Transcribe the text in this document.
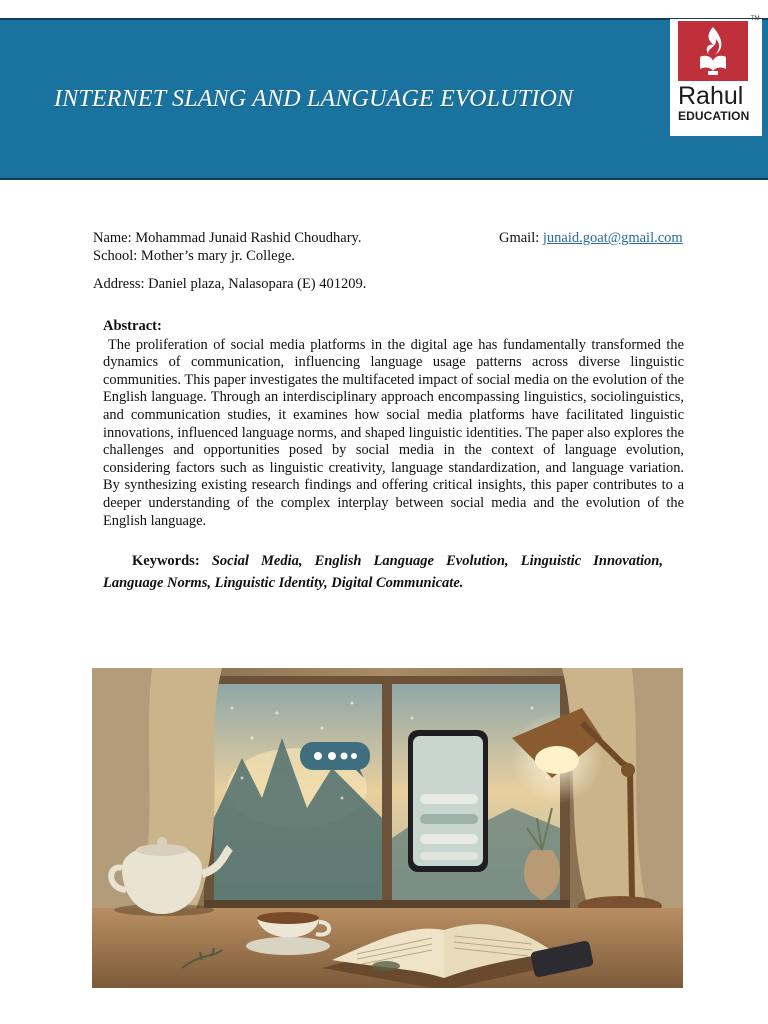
INTERNET SLANG AND LANGUAGE EVOLUTION	Rahul
EDUCATION
TM
Name: Mohammad Junaid Rashid Choudhary.	Gmail: junaid.goat@gmail.com
School: Mother’s mary jr. College.
Address: Daniel plaza, Nalasopara (E) 401209.
Abstract:

The proliferation of social media platforms in the digital age has fundamentally transformed the dynamics of communication, influencing language usage patterns across diverse linguistic communities. This paper investigates the multifaceted impact of social media on the evolution of the English language. Through an interdisciplinary approach encompassing linguistics, sociolinguistics, and communication studies, it examines how social media platforms have facilitated linguistic innovations, influenced language norms, and shaped linguistic identities. The paper also explores the challenges and opportunities posed by social media in the context of language evolution, considering factors such as linguistic creativity, language standardization, and language variation. By synthesizing existing research findings and offering critical insights, this paper contributes to a deeper understanding of the complex interplay between social media and the evolution of the English language.

Keywords: Social Media, English Language Evolution, Linguistic Innovation, Language Norms, Linguistic Identity, Digital Communicate.
